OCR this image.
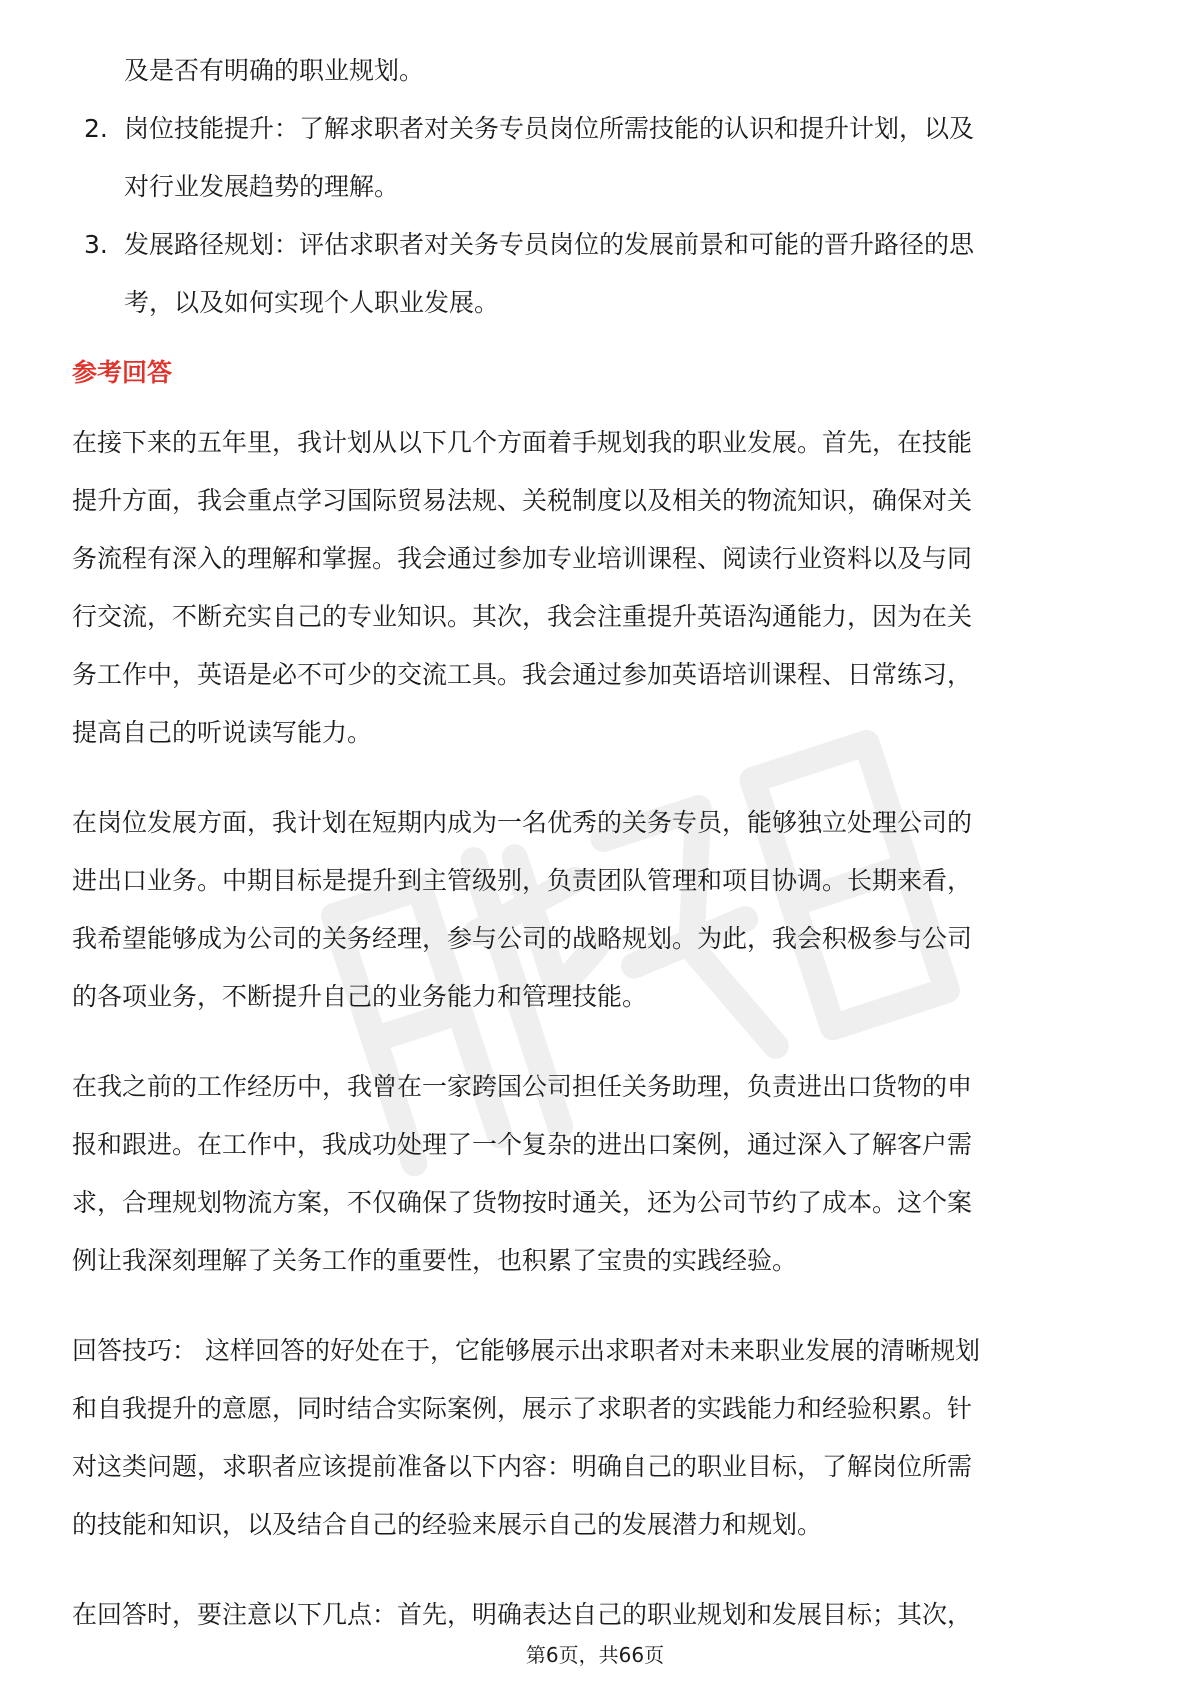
及是否有明确的职业规划。
2. 岗位技能提升：了解求职者对关务专员岗位所需技能的认识和提升计划，以及
对行业发展趋势的理解。
3. 发展路径规划：评估求职者对关务专员岗位的发展前景和可能的晋升路径的思
考，以及如何实现个人职业发展。
参考回答
在接下来的五年里，我计划从以下几个方面着手规划我的职业发展。首先，在技能
提升方面，我会重点学习国际贸易法规、关税制度以及相关的物流知识，确保对关
务流程有深入的理解和掌握。我会通过参加专业培训课程、阅读行业资料以及与同
行交流，不断充实自己的专业知识。其次，我会注重提升英语沟通能力，因为在关
务工作中，英语是必不可少的交流工具。我会通过参加英语培训课程、日常练习，
提高自己的听说读写能力。
在岗位发展方面，我计划在短期内成为一名优秀的关务专员，能够独立处理公司的
进出口业务。中期目标是提升到主管级别，负责团队管理和项目协调。长期来看，
我希望能够成为公司的关务经理，参与公司的战略规划。为此，我会积极参与公司
的各项业务，不断提升自己的业务能力和管理技能。
在我之前的工作经历中，我曾在一家跨国公司担任关务助理，负责进出口货物的申
报和跟进。在工作中，我成功处理了一个复杂的进出口案例，通过深入了解客户需
求，合理规划物流方案，不仅确保了货物按时通关，还为公司节约了成本。这个案
例让我深刻理解了关务工作的重要性，也积累了宝贵的实践经验。
回答技巧： 这样回答的好处在于，它能够展示出求职者对未来职业发展的清晰规划
和自我提升的意愿，同时结合实际案例，展示了求职者的实践能力和经验积累。针
对这类问题，求职者应该提前准备以下内容：明确自己的职业目标，了解岗位所需
的技能和知识，以及结合自己的经验来展示自己的发展潜力和规划。
在回答时，要注意以下几点：首先，明确表达自己的职业规划和发展目标；其次，
第6页，共66页
